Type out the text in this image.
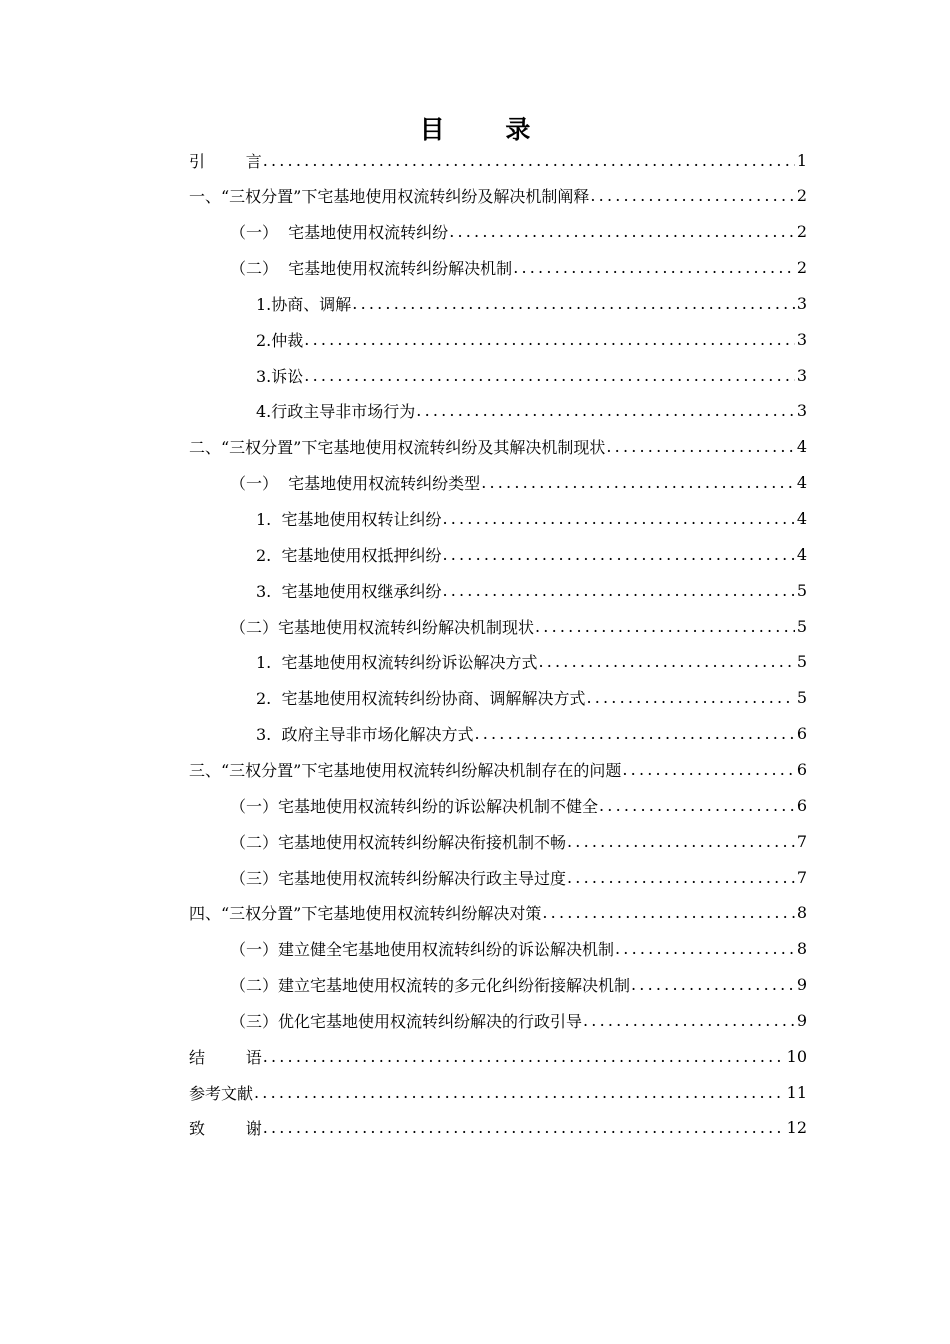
目 录
引        言 .....	1
一、“三权分置”下宅基地使用权流转纠纷及解决机制阐释 .....	2
（一）  宅基地使用权流转纠纷 .....	2
（二）  宅基地使用权流转纠纷解决机制 .....	2
1.协商、调解 .....	3
2.仲裁 .....	3
3.诉讼 .....	3
4.行政主导非市场行为 .....	3
二、“三权分置”下宅基地使用权流转纠纷及其解决机制现状 .....	4
（一）  宅基地使用权流转纠纷类型 .....	4
1.  宅基地使用权转让纠纷 .....	4
2.  宅基地使用权抵押纠纷 .....	4
3.  宅基地使用权继承纠纷 .....	5
（二）宅基地使用权流转纠纷解决机制现状 .....	5
1.  宅基地使用权流转纠纷诉讼解决方式 .....	5
2.  宅基地使用权流转纠纷协商、调解解决方式 .....	5
3.  政府主导非市场化解决方式 .....	6
三、“三权分置”下宅基地使用权流转纠纷解决机制存在的问题 .....	6
（一）宅基地使用权流转纠纷的诉讼解决机制不健全 .....	6
（二）宅基地使用权流转纠纷解决衔接机制不畅 .....	7
（三）宅基地使用权流转纠纷解决行政主导过度 .....	7
四、“三权分置”下宅基地使用权流转纠纷解决对策 .....	8
（一）建立健全宅基地使用权流转纠纷的诉讼解决机制 .....	8
（二）建立宅基地使用权流转的多元化纠纷衔接解决机制 .....	9
（三）优化宅基地使用权流转纠纷解决的行政引导 .....	9
结        语 .....	10
参考文献 .....	11
致        谢 .....	12
